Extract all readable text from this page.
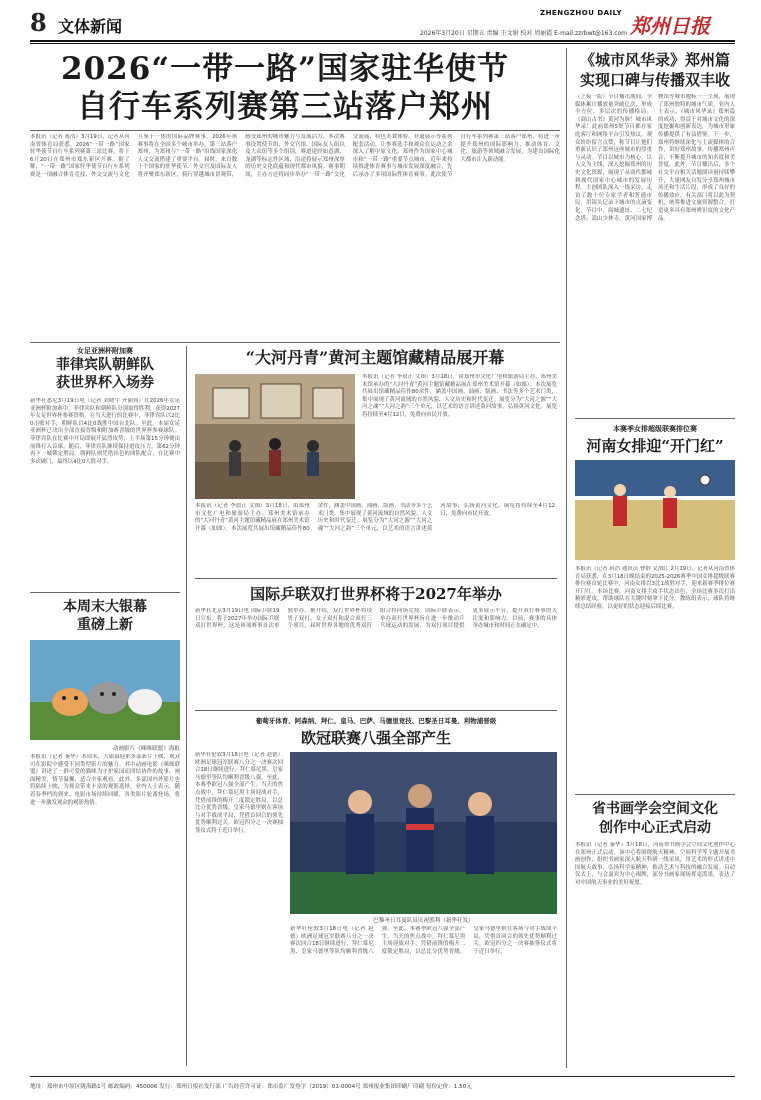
8 文体新闻
ZHENGZHOU DAILY
郑州日报
2026年3月20日 星期五 责编 王文娟 校对 周丽霞 E-mail:zzrbwt@163.com
2026“一带一路”国家驻华使节
自行车系列赛第三站落户郑州
本报讯（记者 蒋浩）3月19日，记者从河南省体育局获悉，2026“一带一路”国家驻华使节自行车系列赛第三站比赛，将于6月20日在郑州市郑东新区开赛。据了解，“一带一路”国家驻华使节自行车系列赛是一项融合体育竞技、外交交流与文化互鉴于一体的国际品牌赛事。2026年该赛事将在全国多个城市举办，第三站落户郑州，为郑州与“一带一路”沿线国家深化人文交流搭建了重要平台。届时，来自数十个国家的驻华使节、外交官及国际友人将齐聚郑东新区，骑行穿越城市景观带，感受郑州的城市魅力与发展活力。本次赛事设置使节组、外交官组、国际友人组以及大众组等多个组别，赛道途经如意湖、龙湖等标志性区域，沿途将展示郑州深厚的历史文化底蕴和现代都市风貌。赛事期间，主办方还将同步举办“一带一路”文化交流展、特色美食体验、非遗展示等系列配套活动，让参赛选手和观众在运动之余深入了解中原文化。郑州作为国家中心城市和“一带一路”重要节点城市，近年来持续推进体育赛事与城市发展深度融合，先后承办了多项国际性体育赛事。此次使节自行车系列赛第三站落户郑州，将进一步提升郑州的国际影响力，推动体育、文化、旅游等领域融合发展，为建设国际化大都市注入新动能。
《城市风华录》郑州篇
实现口碑与传播双丰收
（上接一版）节目播出期间，全媒体累计播放量突破亿次，形成全方位、多层次的传播格局。《商山古书》黄河为脉！城市风华录！此前郑州5集节目都在家庭客厅和网络平台引发热议，观众纷纷留言点赞，称节目让他们重新认识了郑州这座城市的厚重与灵动。节目以城市为核心，以人文为主线，深入挖掘郑州的历史文化资源，展现了从商代都城到现代国家中心城市的发展历程。主创团队深入一线采访，走访了数十位专家学者和普通市民，用镜头记录下城市的点滴变化。节目中，商城遗址、二七纪念塔、嵩山少林寺、黄河国家博物馆等城市地标一一呈现，展现了郑州独特的城市气质。业内人士表示，《城市风华录》郑州篇的成功，得益于对城市文化的深度挖掘和创新表达，为城市形象传播提供了有益借鉴。下一步，郑州将继续深化与主流媒体的合作，讲好郑州故事，传播郑州声音，不断提升城市的知名度和美誉度。此外，节目播出后，多个社交平台相关话题阅读量持续攀升，大量网友自发分享郑州城市风光和生活片段，形成了良好的传播效应。有关部门将以此为契机，统筹推进文旅资源整合，打造更多具有郑州辨识度的文化产品。
女足亚洲杯附加赛
菲律宾队朝鲜队
获世界杯入场券
新华社悉尼3月19日电（记者 刘晓牛 齐丽钧）在2026年女足亚洲杯附加赛中，菲律宾队和朝鲜队分别取得胜利，获得2027年女足世界杯参赛资格。在当天进行的比赛中，菲律宾队以2比0击败对手，朝鲜队以4比0战胜中国台北队。至此，本届女足亚洲杯已决出全部直接晋级和附加赛晋级的世界杯参赛球队。菲律宾队在比赛中开局即展开猛烈攻势，上半场第15分钟便由前锋打入首球。随后，菲律宾队继续保持进攻压力，第62分钟再下一城锁定胜局。朝鲜队则凭借出色的团队配合，在比赛中多次破门，最终以4比0大胜对手。
“大河丹青”黄河主题馆藏精品展开幕
本报讯（记者 李晨正 文图）3月18日，由郑州市文化广电和旅游局主办、郑州美术馆承办的“大河丹青”黄河主题馆藏精品展在郑州美术馆开幕（如图）。本次展览共展出馆藏精品佳作80余件，涵盖中国画、油画、版画、书法等多个艺术门类，集中展现了黄河流域的自然风貌、人文历史和时代变迁。展览分为“大河之源”“大河之魂”“大河之韵”三个单元，以艺术的语言讲述黄河故事，弘扬黄河文化。展览将持续至4月12日，免费向市民开放。
本报讯（记者 李晨正 文图）3月18日，由郑州市文化广电和旅游局主办、郑州美术馆承办的“大河丹青”黄河主题馆藏精品展在郑州美术馆开幕（如图）。本次展览共展出馆藏精品佳作80余件，涵盖中国画、油画、版画、书法等多个艺术门类，集中展现了黄河流域的自然风貌、人文历史和时代变迁。展览分为“大河之源”“大河之魂”“大河之韵”三个单元，以艺术的语言讲述黄河故事，弘扬黄河文化。展览将持续至4月12日，免费向市民开放。
本赛季女排超级联赛排位赛
河南女排迎“开门红”
本报讯（记者 蒋浩 通讯员 曹群 文/图）2月19日，记者从河南省体育局获悉，在3月18日晚结束的2025-2026赛季中国女排超级联赛排位赛首轮比赛中，河南女排以3比1战胜对手，迎来新赛季排位赛开门红。本场比赛，河南女排主攻手状态出色，全场比赛多次打出精彩进攻，帮助球队在关键时刻拿下比分。教练组表示，球队将继续总结经验，以更好的状态迎接后续比赛。
本周末大银幕
重磅上新
动画影片《咪咪联盟》海报
本报讯（记者 秦华）本周末，大银幕迎来多部新片上映，观众可在影院中感受不同类型影片的魅力。其中动画电影《咪咪联盟》讲述了一群可爱的猫咪为守护家园而团结协作的故事，画面精美，情节温馨，适合全家观看。此外，多部国内外影片也将陆续上映，为观众带来丰富的观影选择。业内人士表示，随着春季档的到来，电影市场持续回暖，各类影片轮番登场，将进一步激发观众的观影热情。
国际乒联双打世界杯将于2027年举办
新华社北京3月19日电 国际乒联19日宣布，将于2027年举办国际乒联双打世界杯，这是该项赛事首次单独举办。据介绍，双打世界杯将设男子双打、女子双打和混合双打三个项目，届时世界各地的优秀双打组合将同场竞技。国际乒联表示，举办双打世界杯旨在进一步推动乒乓球运动的发展，为双打项目提供更多展示平台，提升双打赛事的关注度和影响力。目前，赛事的具体举办城市和时间正在确定中。
葡萄牙体育、阿森纳、拜仁、皇马、巴萨、马德里竞技、巴黎圣日耳曼、利物浦晋级
欧冠联赛八强全部产生
新华社伦敦3月18日电（记者 赵德）欧洲足球冠军联赛八分之一决赛次回合18日继续进行，拜仁慕尼黑、皇家马德里等队均顺利晋级八强。至此，本赛季欧冠八强全部产生。当天的焦点战中，拜仁慕尼黑主场迎战对手，凭借前锋的梅开二度锁定胜局，以总比分优势晋级。皇家马德里则在客场与对手战成平局，凭借首回合的领先优势顺利过关。欧冠四分之一决赛抽签仪式将于近日举行。
巴黎圣日耳曼队员庆祝胜利（新华社发）
新华社伦敦3月18日电（记者 赵德）欧洲足球冠军联赛八分之一决赛次回合18日继续进行，拜仁慕尼黑、皇家马德里等队均顺利晋级八强。至此，本赛季欧冠八强全部产生。当天的焦点战中，拜仁慕尼黑主场迎战对手，凭借前锋的梅开二度锁定胜局，以总比分优势晋级。皇家马德里则在客场与对手战成平局，凭借首回合的领先优势顺利过关。欧冠四分之一决赛抽签仪式将于近日举行。
省书画学会空间文化
创作中心正式启动
本报讯（记者 秦华）3月18日，河南省书画学会空间文化创作中心在郑州正式启动。该中心将围绕航天精神、空间科学等主题开展书画创作，组织书画家深入航天科研一线采风，用艺术的形式讲述中国航天故事，弘扬科学家精神，推动艺术与科技的融合发展。启动仪式上，与会嘉宾为中心揭牌，部分书画家现场挥毫泼墨，表达了对中国航天事业的美好祝愿。
地址：郑州市中原区陇海路1号 邮政编码：450006 发行：郑州日报社发行部 广告经营许可证：郑市监广发登字（2019）01-0004号 郑州报业集团印刷厂印刷 每份定价：1.50元
